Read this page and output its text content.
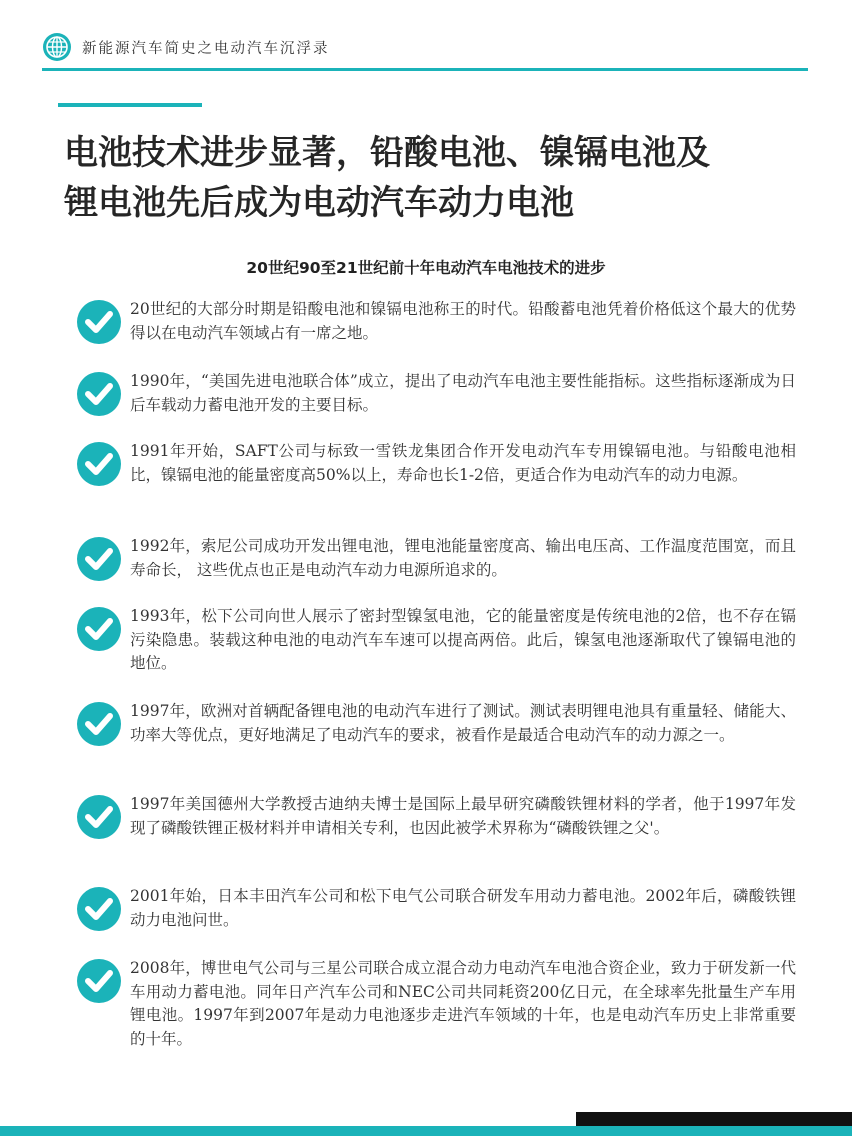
新能源汽车简史之电动汽车沉浮录
电池技术进步显著，铅酸电池、镍镉电池及
锂电池先后成为电动汽车动力电池
20世纪90至21世纪前十年电动汽车电池技术的进步

20世纪的大部分时期是铅酸电池和镍镉电池称王的时代。铅酸蓄电池凭着价格低这个最大的优势得以在电动汽车领域占有一席之地。

1990年，“美国先进电池联合体”成立，提出了电动汽车电池主要性能指标。这些指标逐渐成为日后车载动力蓄电池开发的主要目标。

1991年开始，SAFT公司与标致一雪铁龙集团合作开发电动汽车专用镍镉电池。与铅酸电池相比，镍镉电池的能量密度高50%以上，寿命也长1-2倍，更适合作为电动汽车的动力电源。

1992年，索尼公司成功开发出锂电池，锂电池能量密度高、输出电压高、工作温度范围宽，而且寿命长， 这些优点也正是电动汽车动力电源所追求的。

1993年，松下公司向世人展示了密封型镍氢电池，它的能量密度是传统电池的2倍，也不存在镉污染隐患。装载这种电池的电动汽车车速可以提高两倍。此后，镍氢电池逐渐取代了镍镉电池的地位。

1997年，欧洲对首辆配备锂电池的电动汽车进行了测试。测试表明锂电池具有重量轻、储能大、功率大等优点，更好地满足了电动汽车的要求，被看作是最适合电动汽车的动力源之一。

1997年美国德州大学教授古迪纳夫博士是国际上最早研究磷酸铁锂材料的学者，他于1997年发现了磷酸铁锂正极材料并申请相关专利，也因此被学术界称为“磷酸铁锂之父'。

2001年始，日本丰田汽车公司和松下电气公司联合研发车用动力蓄电池。2002年后，磷酸铁锂动力电池问世。

2008年，博世电气公司与三星公司联合成立混合动力电动汽车电池合资企业，致力于研发新一代车用动力蓄电池。同年日产汽车公司和NEC公司共同耗资200亿日元，在全球率先批量生产车用锂电池。1997年到2007年是动力电池逐步走进汽车领域的十年，也是电动汽车历史上非常重要的十年。
